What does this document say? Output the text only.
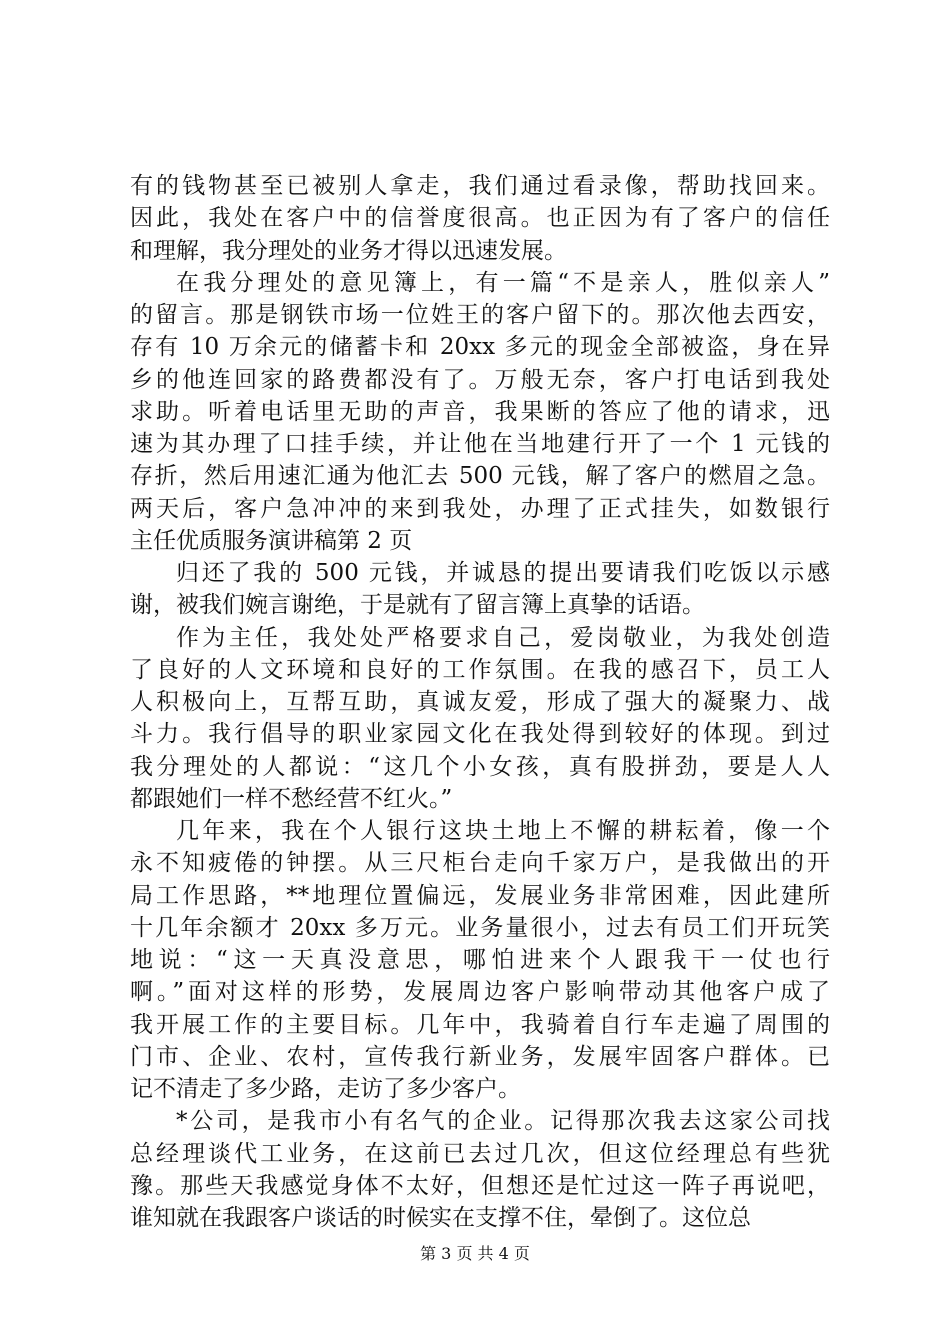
有的钱物甚至已被别人拿走，我们通过看录像，帮助找回来。
因此，我处在客户中的信誉度很高。也正因为有了客户的信任
和理解，我分理处的业务才得以迅速发展。
在我分理处的意见簿上，有一篇“不是亲人，胜似亲人”
的留言。那是钢铁市场一位姓王的客户留下的。那次他去西安，
存有 10 万余元的储蓄卡和 20xx 多元的现金全部被盗，身在异
乡的他连回家的路费都没有了。万般无奈，客户打电话到我处
求助。听着电话里无助的声音，我果断的答应了他的请求，迅
速为其办理了口挂手续，并让他在当地建行开了一个 1 元钱的
存折，然后用速汇通为他汇去 500 元钱，解了客户的燃眉之急。
两天后，客户急冲冲的来到我处，办理了正式挂失，如数银行
主任优质服务演讲稿第 2 页
归还了我的 500 元钱，并诚恳的提出要请我们吃饭以示感
谢，被我们婉言谢绝，于是就有了留言簿上真挚的话语。
作为主任，我处处严格要求自己，爱岗敬业，为我处创造
了良好的人文环境和良好的工作氛围。在我的感召下，员工人
人积极向上，互帮互助，真诚友爱，形成了强大的凝聚力、战
斗力。我行倡导的职业家园文化在我处得到较好的体现。到过
我分理处的人都说：“这几个小女孩，真有股拼劲，要是人人
都跟她们一样不愁经营不红火。”
几年来，我在个人银行这块土地上不懈的耕耘着，像一个
永不知疲倦的钟摆。从三尺柜台走向千家万户，是我做出的开
局工作思路，**地理位置偏远，发展业务非常困难，因此建所
十几年余额才 20xx 多万元。业务量很小，过去有员工们开玩笑
地说：“这一天真没意思，哪怕进来个人跟我干一仗也行
啊。”面对这样的形势，发展周边客户影响带动其他客户成了
我开展工作的主要目标。几年中，我骑着自行车走遍了周围的
门市、企业、农村，宣传我行新业务，发展牢固客户群体。已
记不清走了多少路，走访了多少客户。
*公司，是我市小有名气的企业。记得那次我去这家公司找
总经理谈代工业务，在这前已去过几次，但这位经理总有些犹
豫。那些天我感觉身体不太好，但想还是忙过这一阵子再说吧，
谁知就在我跟客户谈话的时候实在支撑不住，晕倒了。这位总
第 3 页 共 4 页
